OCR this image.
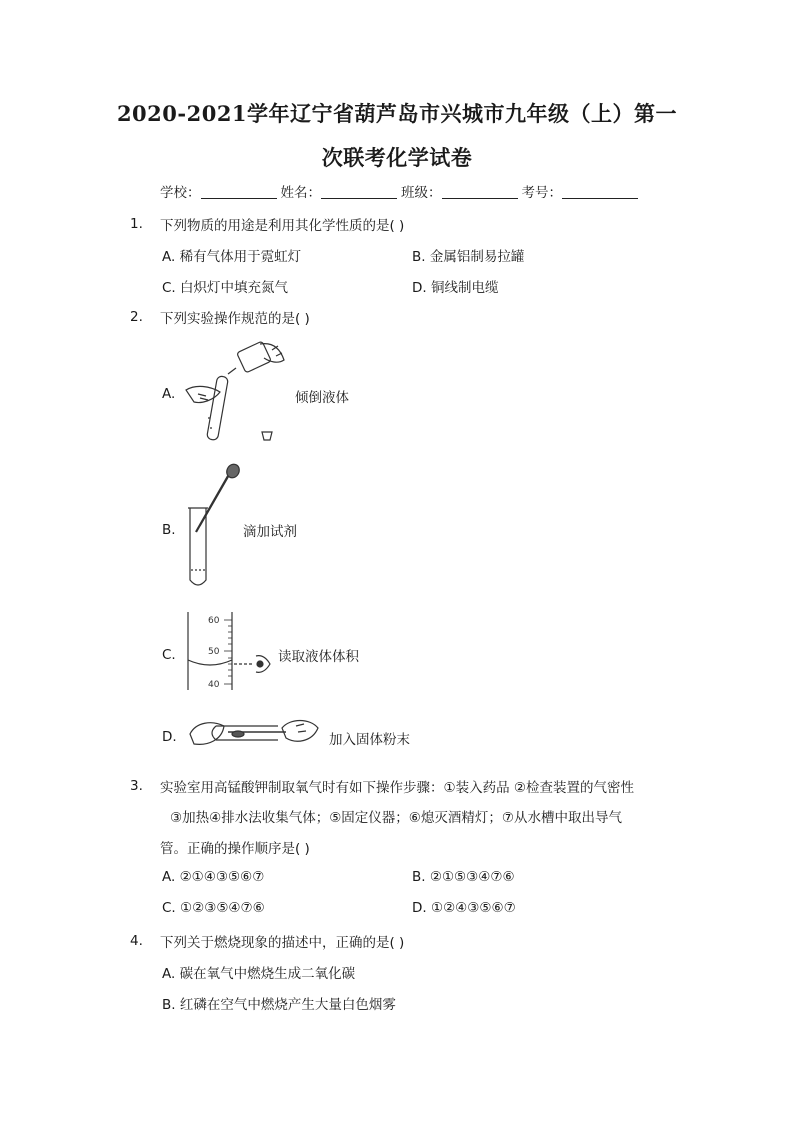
2020-2021学年辽宁省葫芦岛市兴城市九年级（上）第一
次联考化学试卷
学校：	姓名：	班级：	考号：
1. 下列物质的用途是利用其化学性质的是( )
A. 稀有气体用于霓虹灯	B. 金属铝制易拉罐
C. 白炽灯中填充氮气	D. 铜线制电缆
2. 下列实验操作规范的是( )
A.	倾倒液体
B.	滴加试剂
C.
60
50
40
读取液体体积
D.	加入固体粉末
3. 实验室用高锰酸钾制取氧气时有如下操作步骤：①装入药品 ②检查装置的气密性
③加热④排水法收集气体；⑤固定仪器；⑥熄灭酒精灯；⑦从水槽中取出导气
管。正确的操作顺序是( )
A. ②①④③⑤⑥⑦	B. ②①⑤③④⑦⑥
C. ①②③⑤④⑦⑥	D. ①②④③⑤⑥⑦
4. 下列关于燃烧现象的描述中，正确的是( )
A. 碳在氧气中燃烧生成二氧化碳
B. 红磷在空气中燃烧产生大量白色烟雾
